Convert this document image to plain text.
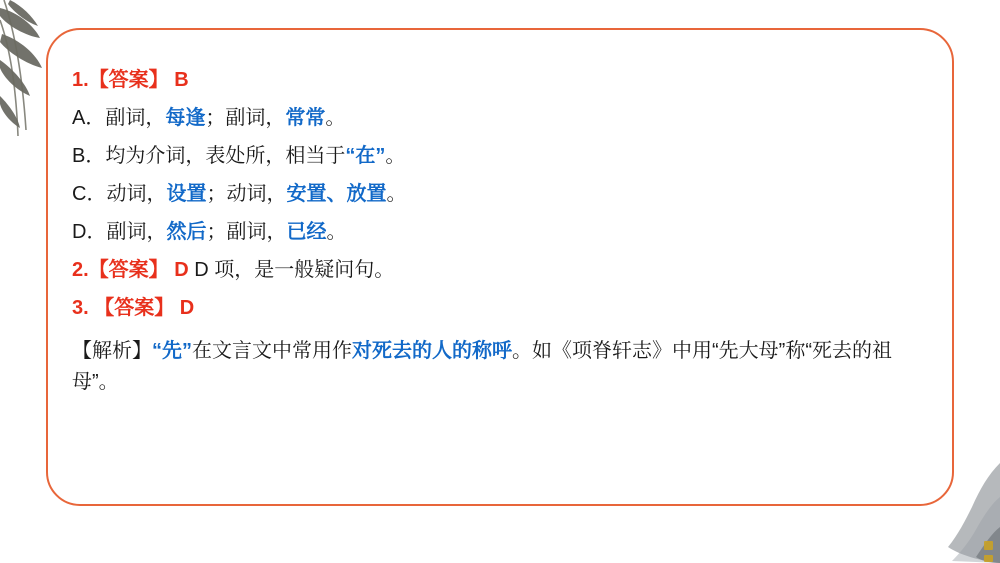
1.【答案】 B
A．副词，每逢；副词，常常。
B．均为介词，表处所，相当于“在”。
C．动词，设置；动词，安置、放置。
D．副词，然后；副词，已经。
2.【答案】 D D 项，是一般疑问句。
3. 【答案】 D
【解析】“先”在文言文中常用作对死去的人的称呼。如《项脊轩志》中用“先大母”称“死去的祖母”。
